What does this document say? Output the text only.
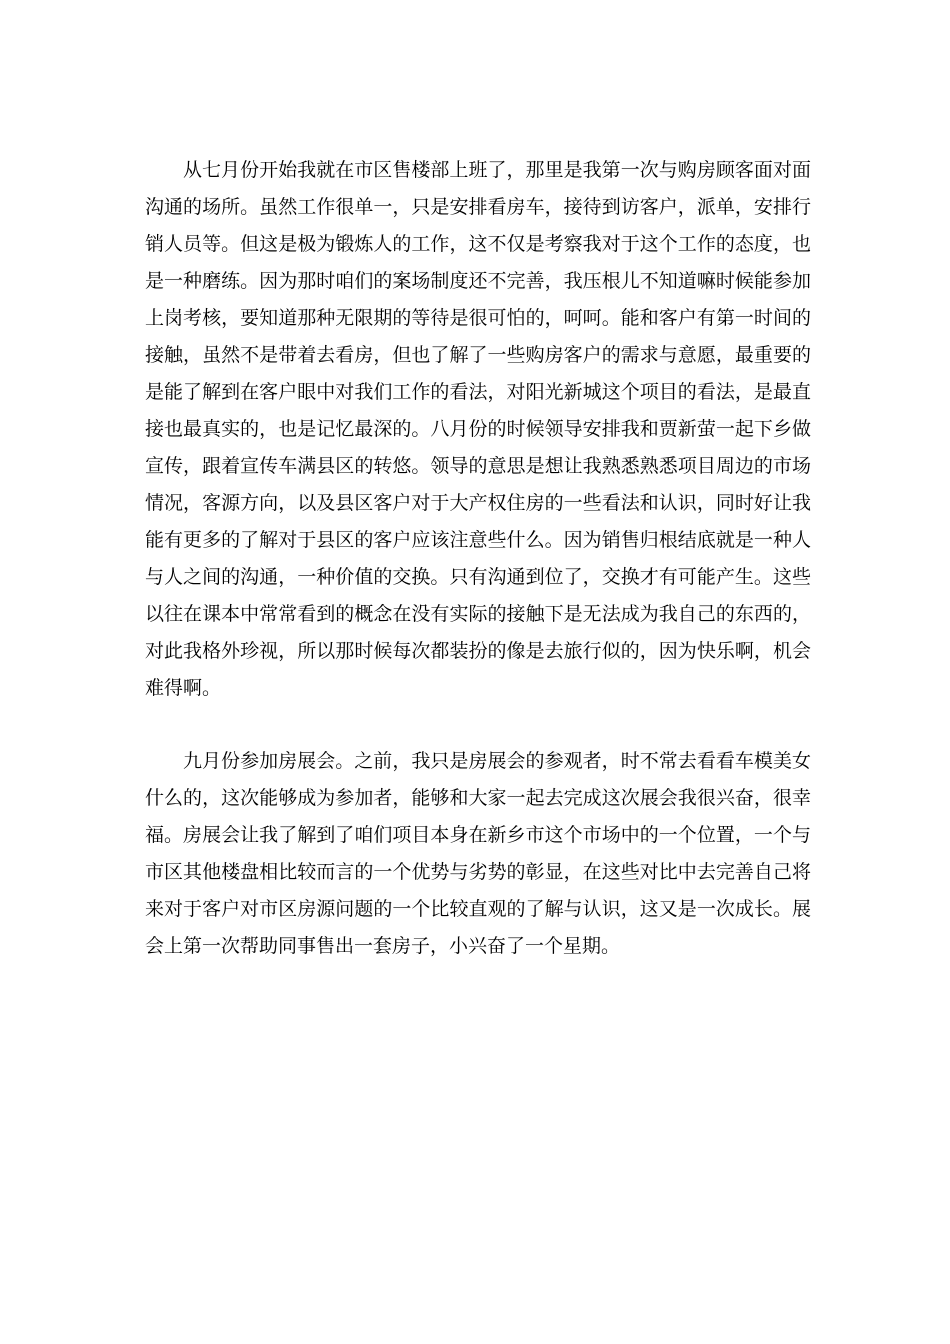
从七月份开始我就在市区售楼部上班了，那里是我第一次与购房顾客面对面沟通的场所。虽然工作很单一，只是安排看房车，接待到访客户，派单，安排行销人员等。但这是极为锻炼人的工作，这不仅是考察我对于这个工作的态度，也是一种磨练。因为那时咱们的案场制度还不完善，我压根儿不知道嘛时候能参加上岗考核，要知道那种无限期的等待是很可怕的，呵呵。能和客户有第一时间的接触，虽然不是带着去看房，但也了解了一些购房客户的需求与意愿，最重要的是能了解到在客户眼中对我们工作的看法，对阳光新城这个项目的看法，是最直接也最真实的，也是记忆最深的。八月份的时候领导安排我和贾新萤一起下乡做宣传，跟着宣传车满县区的转悠。领导的意思是想让我熟悉熟悉项目周边的市场情况，客源方向，以及县区客户对于大产权住房的一些看法和认识，同时好让我能有更多的了解对于县区的客户应该注意些什么。因为销售归根结底就是一种人与人之间的沟通，一种价值的交换。只有沟通到位了，交换才有可能产生。这些以往在课本中常常看到的概念在没有实际的接触下是无法成为我自己的东西的，对此我格外珍视，所以那时候每次都装扮的像是去旅行似的，因为快乐啊，机会难得啊。

九月份参加房展会。之前，我只是房展会的参观者，时不常去看看车模美女什么的，这次能够成为参加者，能够和大家一起去完成这次展会我很兴奋，很幸福。房展会让我了解到了咱们项目本身在新乡市这个市场中的一个位置，一个与市区其他楼盘相比较而言的一个优势与劣势的彰显，在这些对比中去完善自己将来对于客户对市区房源问题的一个比较直观的了解与认识，这又是一次成长。展会上第一次帮助同事售出一套房子，小兴奋了一个星期。
